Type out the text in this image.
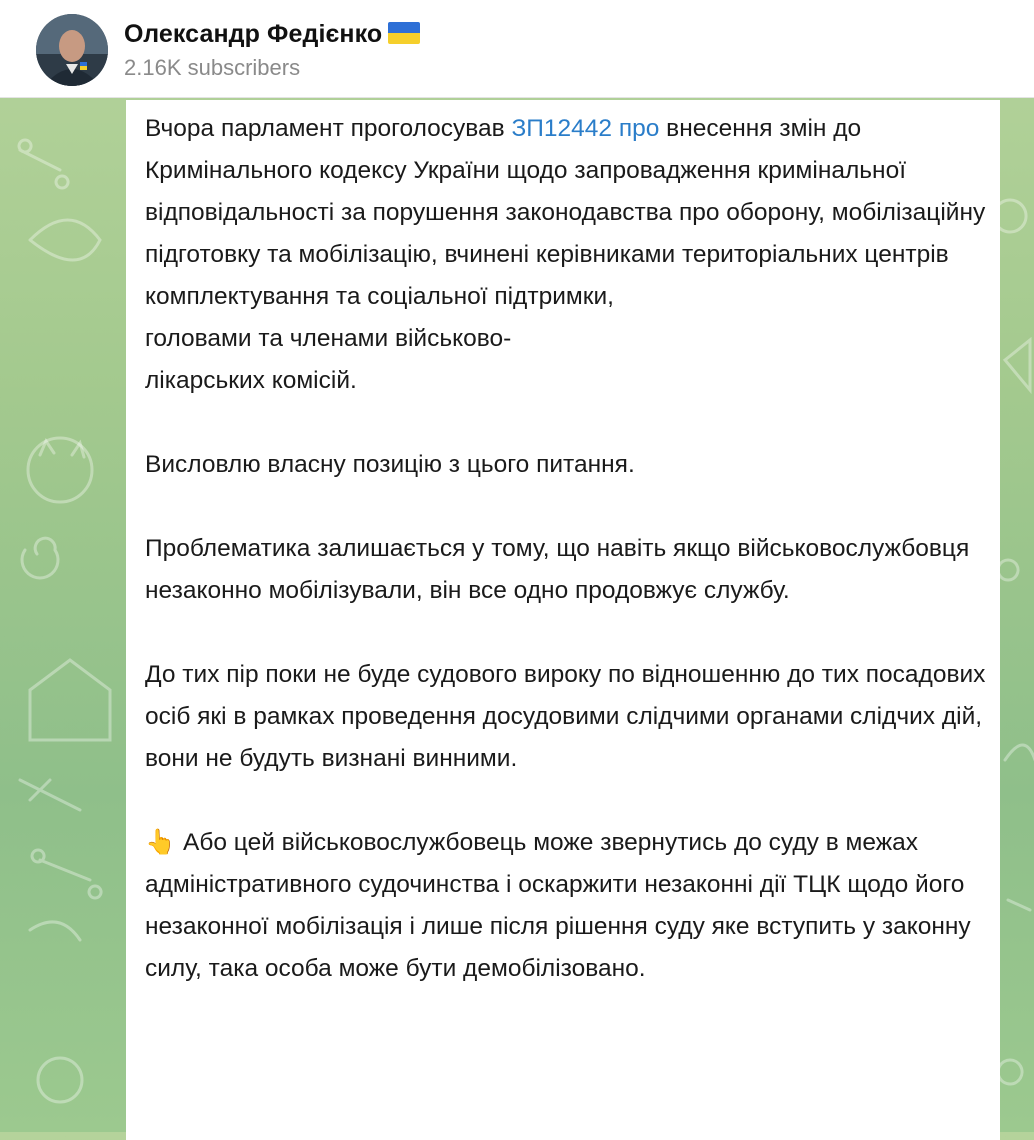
Олександр Федієнко
2.16K subscribers

Вчора парламент проголосував ЗП12442 про внесення змін до Кримінального кодексу України щодо запровадження кримінальної відповідальності за порушення законодавства про оборону, мобілізаційну підготовку та мобілізацію, вчинені керівниками територіальних центрів комплектування та соціальної підтримки,

головами та членами військово-

лікарських комісій.

Висловлю власну позицію з цього питання.

Проблематика залишається у тому, що навіть якщо військовослужбовця незаконно мобілізували, він все одно продовжує службу.

До тих пір поки не буде судового вироку по відношенню до тих посадових осіб які в рамках проведення досудовими слідчими органами слідчих дій, вони не будуть визнані винними.

👆 Або цей військовослужбовець може звернутись до суду в межах адміністративного судочинства і оскаржити незаконні дії ТЦК щодо його незаконної мобілізація і лише після рішення суду яке вступить у законну силу, така особа може бути демобілізовано.
